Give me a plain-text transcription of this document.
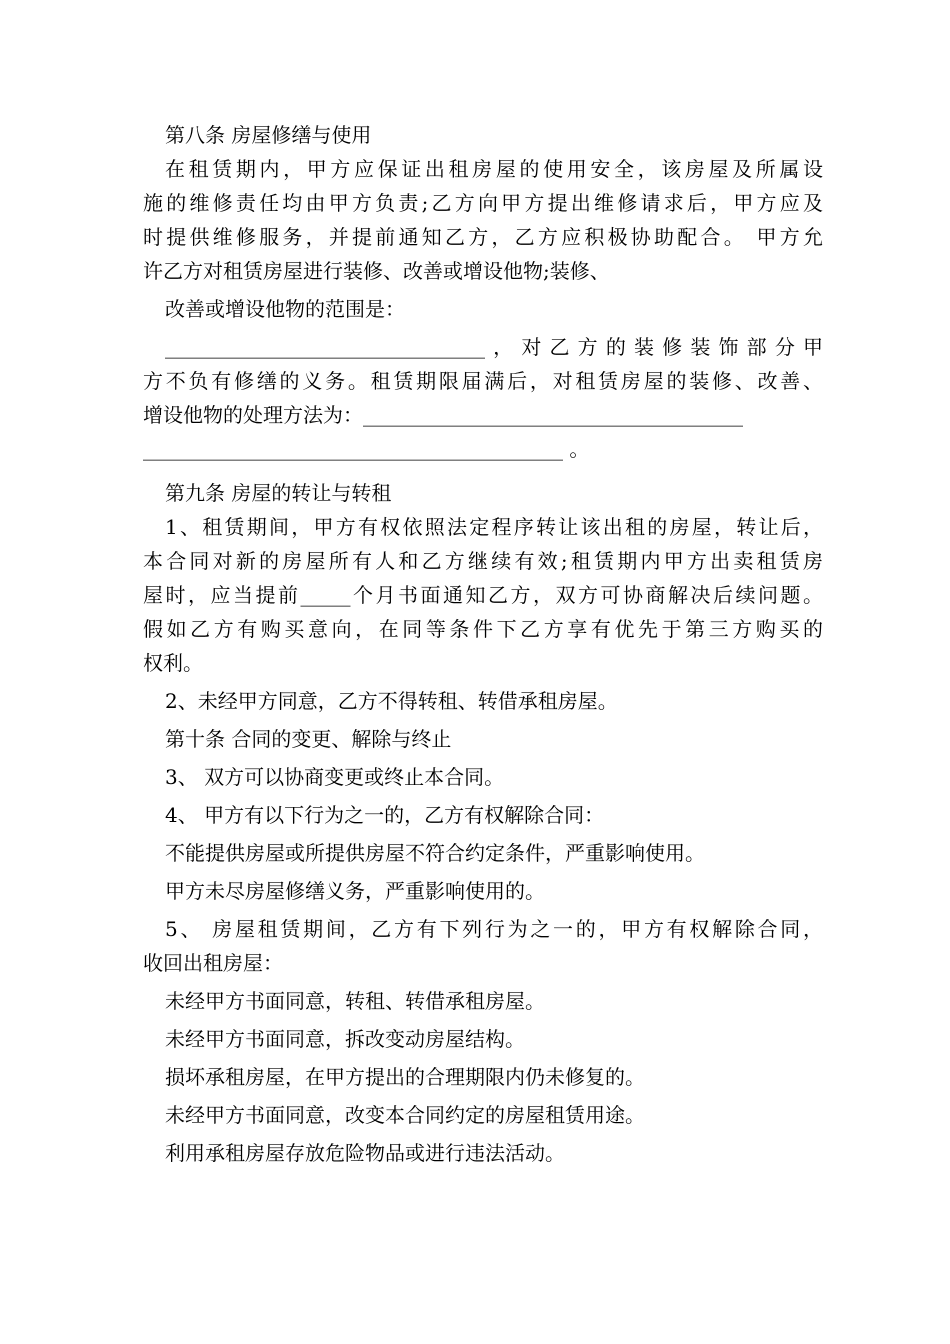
第八条 房屋修缮与使用
在租赁期内，甲方应保证出租房屋的使用安全，该房屋及所属设
施的维修责任均由甲方负责;乙方向甲方提出维修请求后，甲方应及
时提供维修服务，并提前通知乙方，乙方应积极协助配合。 甲方允
许乙方对租赁房屋进行装修、改善或增设他物;装修、
改善或增设他物的范围是：
________________________________，对乙方的装修装饰部分甲
方不负有修缮的义务。租赁期限届满后，对租赁房屋的装修、改善、
增设他物的处理方法为：______________________________________
__________________________________________ 。
第九条 房屋的转让与转租
1、租赁期间，甲方有权依照法定程序转让该出租的房屋，转让后，
本合同对新的房屋所有人和乙方继续有效;租赁期内甲方出卖租赁房
屋时，应当提前_____个月书面通知乙方，双方可协商解决后续问题。
假如乙方有购买意向，在同等条件下乙方享有优先于第三方购买的
权利。
2、未经甲方同意，乙方不得转租、转借承租房屋。
第十条 合同的变更、解除与终止
3、 双方可以协商变更或终止本合同。
4、 甲方有以下行为之一的，乙方有权解除合同：
不能提供房屋或所提供房屋不符合约定条件，严重影响使用。
甲方未尽房屋修缮义务，严重影响使用的。
5、 房屋租赁期间，乙方有下列行为之一的，甲方有权解除合同，
收回出租房屋：
未经甲方书面同意，转租、转借承租房屋。
未经甲方书面同意，拆改变动房屋结构。
损坏承租房屋，在甲方提出的合理期限内仍未修复的。
未经甲方书面同意，改变本合同约定的房屋租赁用途。
利用承租房屋存放危险物品或进行违法活动。
